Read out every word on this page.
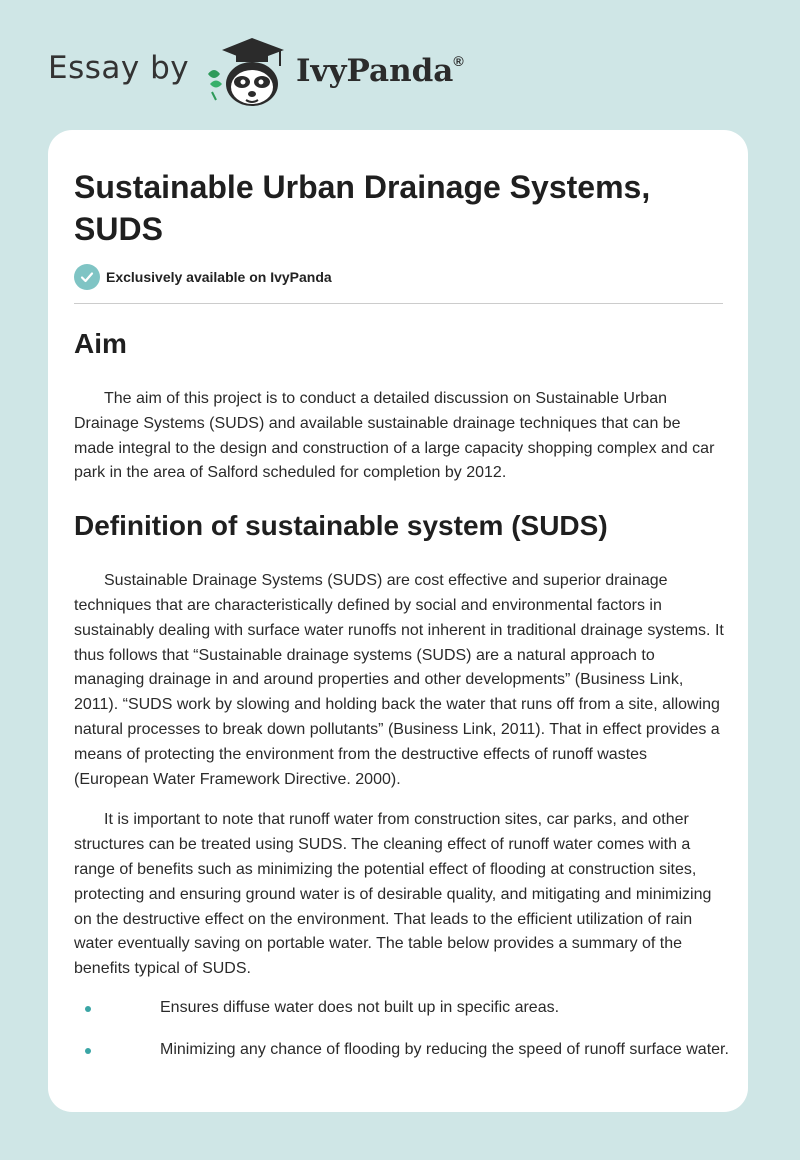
Essay by	IvyPanda®
Sustainable Urban Drainage Systems, SUDS
Exclusively available on IvyPanda
Aim

The aim of this project is to conduct a detailed discussion on Sustainable Urban Drainage Systems (SUDS) and available sustainable drainage techniques that can be made integral to the design and construction of a large capacity shopping complex and car park in the area of Salford scheduled for completion by 2012.

Definition of sustainable system (SUDS)

Sustainable Drainage Systems (SUDS) are cost effective and superior drainage techniques that are characteristically defined by social and environmental factors in sustainably dealing with surface water runoffs not inherent in traditional drainage systems. It thus follows that “Sustainable drainage systems (SUDS) are a natural approach to managing drainage in and around properties and other developments” (Business Link, 2011). “SUDS work by slowing and holding back the water that runs off from a site, allowing natural processes to break down pollutants” (Business Link, 2011). That in effect provides a means of protecting the environment from the destructive effects of runoff wastes (European Water Framework Directive. 2000).

It is important to note that runoff water from construction sites, car parks, and other structures can be treated using SUDS. The cleaning effect of runoff water comes with a range of benefits such as minimizing the potential effect of flooding at construction sites, protecting and ensuring ground water is of desirable quality, and mitigating and minimizing on the destructive effect on the environment. That leads to the efficient utilization of rain water eventually saving on portable water. The table below provides a summary of the benefits typical of SUDS.

Ensures diffuse water does not built up in specific areas.
Minimizing any chance of flooding by reducing the speed of runoff surface water.
